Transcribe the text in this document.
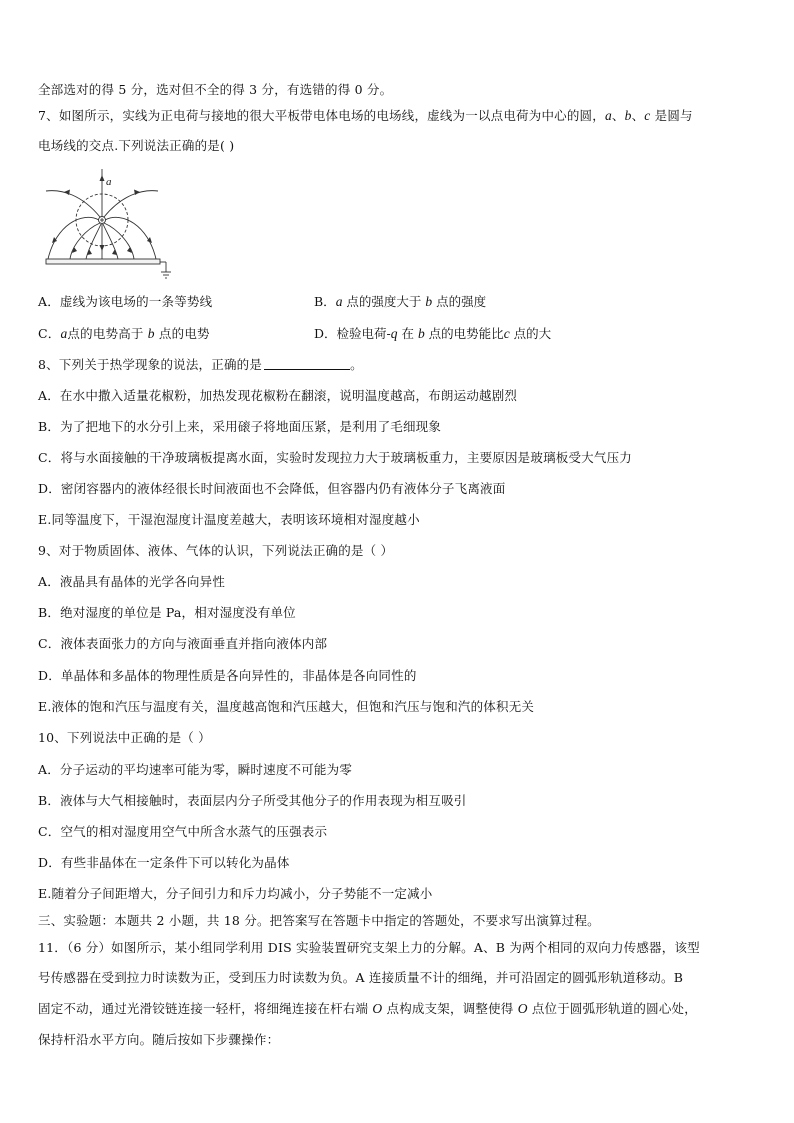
全部选对的得 5 分，选对但不全的得 3 分，有选错的得 0 分。
7、如图所示，实线为正电荷与接地的很大平板带电体电场的电场线，虚线为一以点电荷为中心的圆，a、b、c 是圆与
电场线的交点.下列说法正确的是( )
a
A．虚线为该电场的一条等势线	B．a 点的强度大于 b 点的强度
C．a点的电势高于 b 点的电势	D．检验电荷-q 在 b 点的电势能比c 点的大
8、下列关于热学现象的说法，正确的是	。
A．在水中撒入适量花椒粉，加热发现花椒粉在翻滚，说明温度越高，布朗运动越剧烈
B．为了把地下的水分引上来，采用磙子将地面压紧，是利用了毛细现象
C．将与水面接触的干净玻璃板提离水面，实验时发现拉力大于玻璃板重力，主要原因是玻璃板受大气压力
D．密闭容器内的液体经很长时间液面也不会降低，但容器内仍有液体分子飞离液面
E.同等温度下，干湿泡湿度计温度差越大，表明该环境相对湿度越小
9、对于物质固体、液体、气体的认识，下列说法正确的是（ ）
A．液晶具有晶体的光学各向异性
B．绝对湿度的单位是 Pa，相对湿度没有单位
C．液体表面张力的方向与液面垂直并指向液体内部
D．单晶体和多晶体的物理性质是各向异性的，非晶体是各向同性的
E.液体的饱和汽压与温度有关，温度越高饱和汽压越大，但饱和汽压与饱和汽的体积无关
10、下列说法中正确的是（ ）
A．分子运动的平均速率可能为零，瞬时速度不可能为零
B．液体与大气相接触时，表面层内分子所受其他分子的作用表现为相互吸引
C．空气的相对湿度用空气中所含水蒸气的压强表示
D．有些非晶体在一定条件下可以转化为晶体
E.随着分子间距增大，分子间引力和斥力均减小，分子势能不一定减小
三、实验题：本题共 2 小题，共 18 分。把答案写在答题卡中指定的答题处，不要求写出演算过程。
11．（6 分）如图所示，某小组同学利用 DIS 实验装置研究支架上力的分解。A、B 为两个相同的双向力传感器，该型
号传感器在受到拉力时读数为正，受到压力时读数为负。A 连接质量不计的细绳，并可沿固定的圆弧形轨道移动。B
固定不动，通过光滑铰链连接一轻杆，将细绳连接在杆右端 O 点构成支架，调整使得 O 点位于圆弧形轨道的圆心处，
保持杆沿水平方向。随后按如下步骤操作：
